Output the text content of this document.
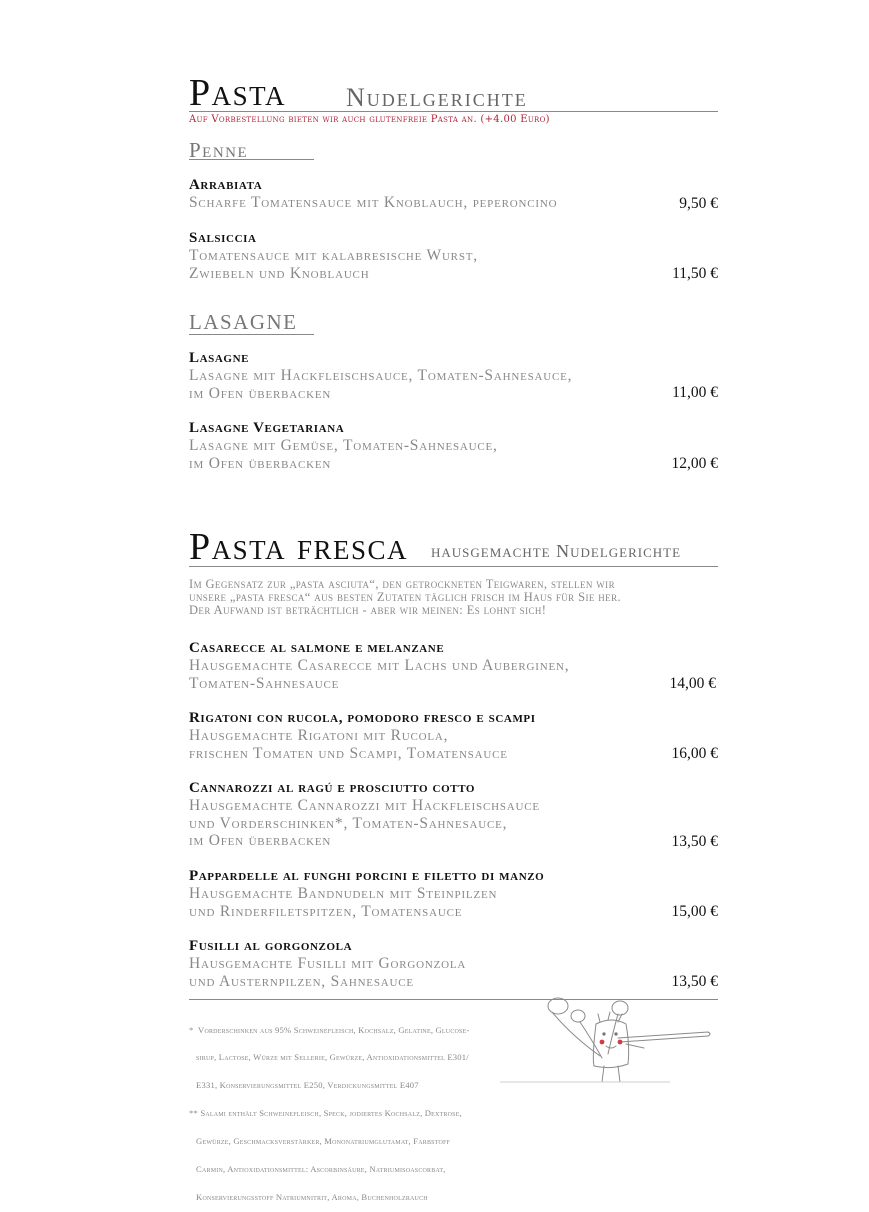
Pasta Nudelgerichte
Auf Vorbestellung bieten wir auch glutenfreie Pasta an. (+4.00 Euro)
Penne
Arrabiata
Scharfe Tomatensauce mit Knoblauch, peperoncino	9,50 €
Salsiccia
Tomatensauce mit kalabresische Wurst,
Zwiebeln und Knoblauch	11,50 €
LASAGNE
Lasagne
Lasagne mit Hackfleischsauce, Tomaten-Sahnesauce,
im Ofen überbacken	11,00 €
Lasagne Vegetariana
Lasagne mit Gemüse, Tomaten-Sahnesauce,
im Ofen überbacken	12,00 €
Pasta fresca hausgemachte Nudelgerichte
Im Gegensatz zur „pasta asciuta“, den getrockneten Teigwaren, stellen wir
unsere „pasta fresca“ aus besten Zutaten täglich frisch im Haus für Sie her.
Der Aufwand ist beträchtlich - aber wir meinen: Es lohnt sich!
Casarecce al salmone e melanzane
Hausgemachte Casarecce mit Lachs und Auberginen,
Tomaten-Sahnesauce	14,00 €
Rigatoni con rucola, pomodoro fresco e scampi
Hausgemachte Rigatoni mit Rucola,
frischen Tomaten und Scampi, Tomatensauce	16,00 €
Cannarozzi al ragú e prosciutto cotto
Hausgemachte Cannarozzi mit Hackfleischsauce
und Vorderschinken*, Tomaten-Sahnesauce,
im Ofen überbacken	13,50 €
Pappardelle al funghi porcini e filetto di manzo
Hausgemachte Bandnudeln mit Steinpilzen
und Rinderfiletspitzen, Tomatensauce	15,00 €
Fusilli al gorgonzola
Hausgemachte Fusilli mit Gorgonzola
und Austernpilzen, Sahnesauce	13,50 €

*  Vorderschinken aus 95% Schweinefleisch, Kochsalz, Gelatine, Glucose-

sirup, Lactose, Würze mit Sellerie, Gewürze, Antioxidationsmittel E301/

E331, Konservierungsmittel E250, Verdickungsmittel E407

** Salami enthält Schweinefleisch, Speck, jodiertes Kochsalz, Dextrose,

Gewürze, Geschmacksverstärker, Mononatriumglutamat, Farbstoff

Carmin, Antioxidationsmittel: Ascorbinsäure, Natriumisoascorbat,

Konservierungsstoff Natriumnitrit, Aroma, Buchenholzrauch
